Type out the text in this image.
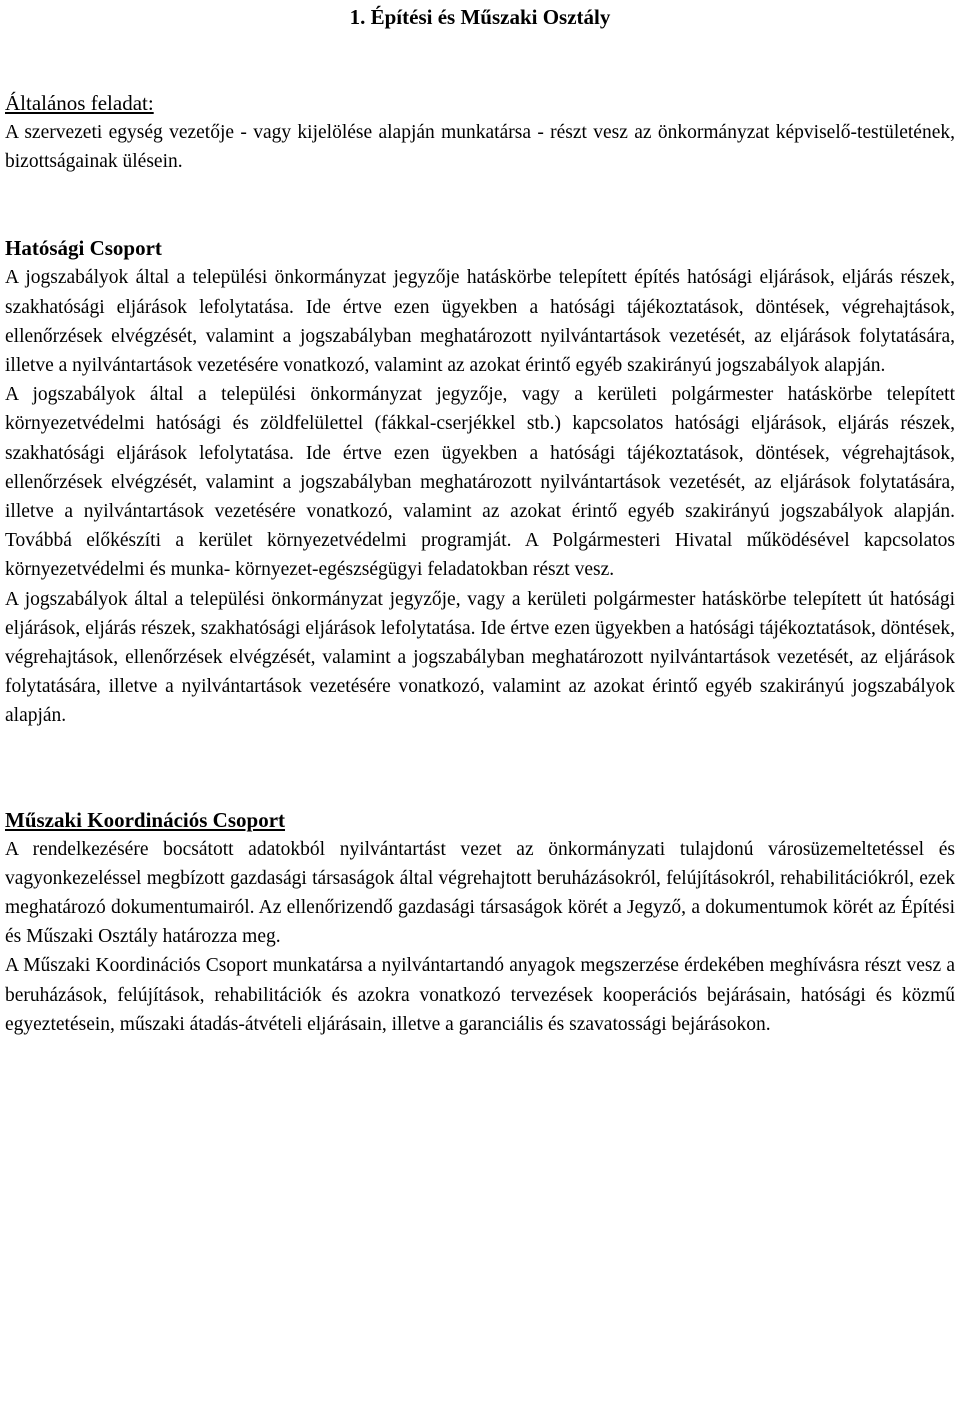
1. Építési és Műszaki Osztály
Általános feladat:

A szervezeti egység vezetője - vagy kijelölése alapján munkatársa - részt vesz az önkormányzat képviselő-testületének, bizottságainak ülésein.

Hatósági Csoport

A jogszabályok által a települési önkormányzat jegyzője hatáskörbe telepített építés hatósági eljárások, eljárás részek, szakhatósági eljárások lefolytatása. Ide értve ezen ügyekben a hatósági tájékoztatások, döntések, végrehajtások, ellenőrzések elvégzését, valamint a jogszabályban meghatározott nyilvántartások vezetését, az eljárások folytatására, illetve a nyilvántartások vezetésére vonatkozó, valamint az azokat érintő egyéb szakirányú jogszabályok alapján.

A jogszabályok által a települési önkormányzat jegyzője, vagy a kerületi polgármester hatáskörbe telepített környezetvédelmi hatósági és zöldfelülettel (fákkal-cserjékkel stb.) kapcsolatos hatósági eljárások, eljárás részek, szakhatósági eljárások lefolytatása. Ide értve ezen ügyekben a hatósági tájékoztatások, döntések, végrehajtások, ellenőrzések elvégzését, valamint a jogszabályban meghatározott nyilvántartások vezetését, az eljárások folytatására, illetve a nyilvántartások vezetésére vonatkozó, valamint az azokat érintő egyéb szakirányú jogszabályok alapján. Továbbá előkészíti a kerület környezetvédelmi programját. A Polgármesteri Hivatal működésével kapcsolatos környezetvédelmi és munka- környezet-egészségügyi feladatokban részt vesz.

A jogszabályok által a települési önkormányzat jegyzője, vagy a kerületi polgármester hatáskörbe telepített út hatósági eljárások, eljárás részek, szakhatósági eljárások lefolytatása. Ide értve ezen ügyekben a hatósági tájékoztatások, döntések, végrehajtások, ellenőrzések elvégzését, valamint a jogszabályban meghatározott nyilvántartások vezetését, az eljárások folytatására, illetve a nyilvántartások vezetésére vonatkozó, valamint az azokat érintő egyéb szakirányú jogszabályok alapján.

Műszaki Koordinációs Csoport

A rendelkezésére bocsátott adatokból nyilvántartást vezet az önkormányzati tulajdonú városüzemeltetéssel és vagyonkezeléssel megbízott gazdasági társaságok által végrehajtott beruházásokról, felújításokról, rehabilitációkról, ezek meghatározó dokumentumairól. Az ellenőrizendő gazdasági társaságok körét a Jegyző, a dokumentumok körét az Építési és Műszaki Osztály határozza meg.

A Műszaki Koordinációs Csoport munkatársa a nyilvántartandó anyagok megszerzése érdekében meghívásra részt vesz a beruházások, felújítások, rehabilitációk és azokra vonatkozó tervezések kooperációs bejárásain, hatósági és közmű egyeztetésein, műszaki átadás-átvételi eljárásain, illetve a garanciális és szavatossági bejárásokon.
